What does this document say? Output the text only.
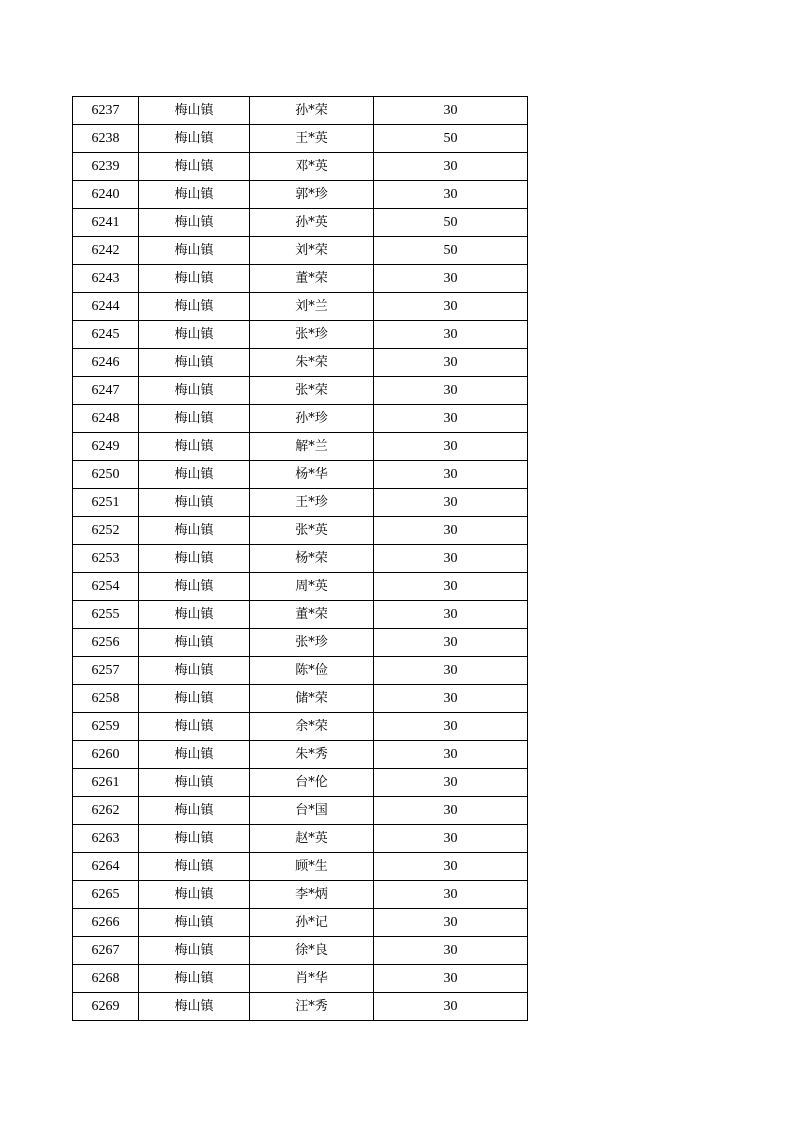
6237	梅山镇	孙*荣	30
6238	梅山镇	王*英	50
6239	梅山镇	邓*英	30
6240	梅山镇	郭*珍	30
6241	梅山镇	孙*英	50
6242	梅山镇	刘*荣	50
6243	梅山镇	董*荣	30
6244	梅山镇	刘*兰	30
6245	梅山镇	张*珍	30
6246	梅山镇	朱*荣	30
6247	梅山镇	张*荣	30
6248	梅山镇	孙*珍	30
6249	梅山镇	解*兰	30
6250	梅山镇	杨*华	30
6251	梅山镇	王*珍	30
6252	梅山镇	张*英	30
6253	梅山镇	杨*荣	30
6254	梅山镇	周*英	30
6255	梅山镇	董*荣	30
6256	梅山镇	张*珍	30
6257	梅山镇	陈*俭	30
6258	梅山镇	储*荣	30
6259	梅山镇	余*荣	30
6260	梅山镇	朱*秀	30
6261	梅山镇	台*伦	30
6262	梅山镇	台*国	30
6263	梅山镇	赵*英	30
6264	梅山镇	顾*生	30
6265	梅山镇	李*炳	30
6266	梅山镇	孙*记	30
6267	梅山镇	徐*良	30
6268	梅山镇	肖*华	30
6269	梅山镇	汪*秀	30
